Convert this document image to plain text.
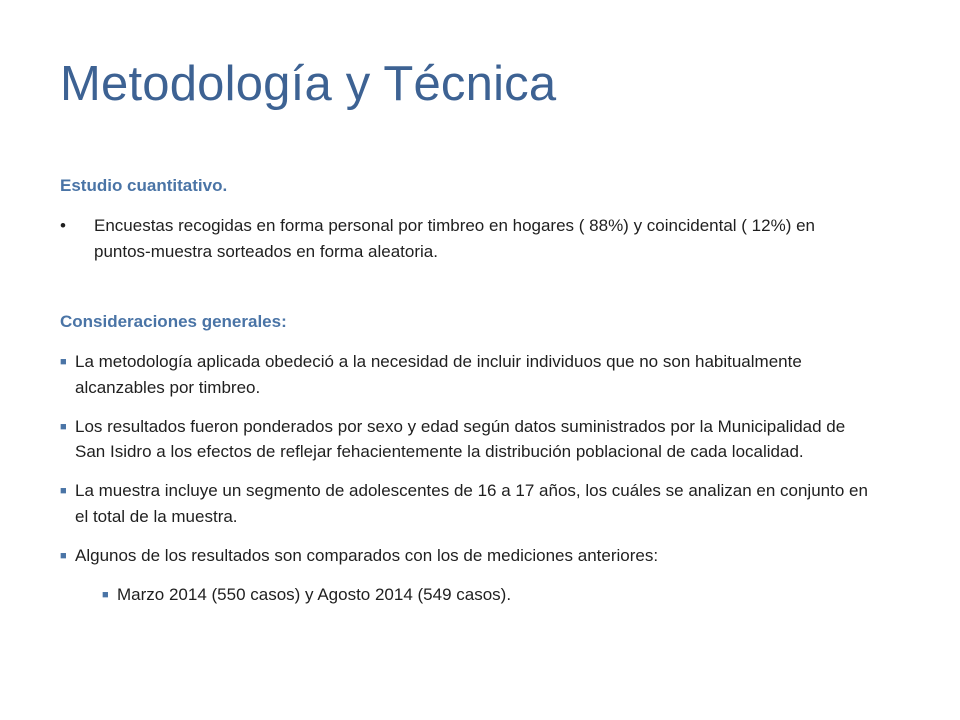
Metodología y Técnica

Estudio cuantitativo.

• Encuestas recogidas en forma personal por timbreo en hogares ( 88%) y coincidental ( 12%) en puntos-muestra sorteados en forma aleatoria.

Consideraciones generales:

■ La metodología aplicada obedeció a la necesidad de incluir individuos que no son habitualmente alcanzables por timbreo.
■ Los resultados fueron ponderados por sexo y edad según datos suministrados por la Municipalidad de San Isidro a los efectos de reflejar fehacientemente la distribución poblacional de cada localidad.
■ La muestra incluye un segmento de adolescentes de 16 a 17 años, los cuáles se analizan en conjunto en el total de la muestra.
■ Algunos de los resultados son comparados con los de mediciones anteriores:
■ Marzo 2014 (550 casos) y Agosto 2014 (549 casos).
